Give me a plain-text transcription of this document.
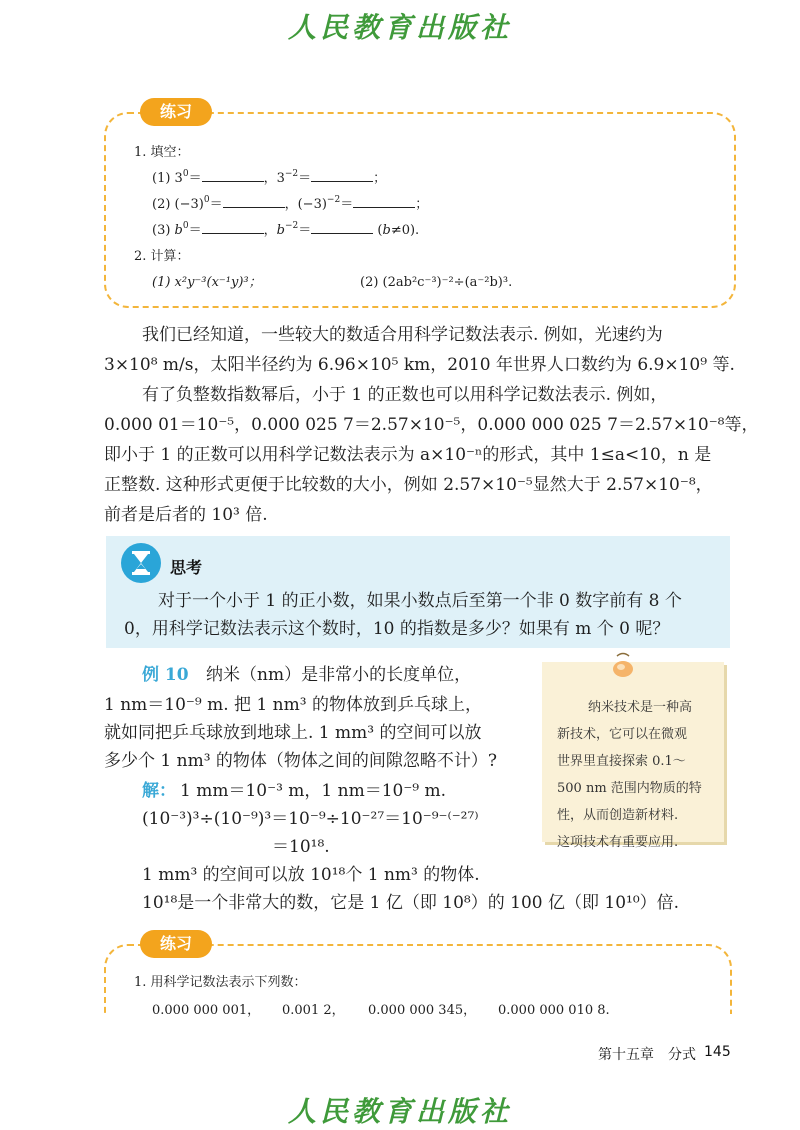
人民教育出版社
练习
1. 填空：
(1) $3^0=$	，$3^{-2}=$	；
(2) $(-3)^0=$	，$(-3)^{-2}=$	；
(3) $b^0=$	，$b^{-2}=$	(b≠0).
2. 计算：
(1) x²y⁻³(x⁻¹y)³；	(2) (2ab²c⁻³)⁻²÷(a⁻²b)³.
我们已经知道，一些较大的数适合用科学记数法表示. 例如，光速约为
3×10⁸ m/s，太阳半径约为 6.96×10⁵ km，2010 年世界人口数约为 6.9×10⁹ 等.
有了负整数指数幂后，小于 1 的正数也可以用科学记数法表示. 例如，
0.000 01＝10⁻⁵，0.000 025 7＝2.57×10⁻⁵，0.000 000 025 7＝2.57×10⁻⁸等，
即小于 1 的正数可以用科学记数法表示为 a×10⁻ⁿ的形式，其中 1≤a<10，n 是
正整数. 这种形式更便于比较数的大小，例如 2.57×10⁻⁵显然大于 2.57×10⁻⁸，
前者是后者的 10³ 倍.
思考
对于一个小于 1 的正小数，如果小数点后至第一个非 0 数字前有 8 个
0，用科学记数法表示这个数时，10 的指数是多少？如果有 m 个 0 呢？
例 10 纳米（nm）是非常小的长度单位，
1 nm＝10⁻⁹ m. 把 1 nm³ 的物体放到乒乓球上，
就如同把乒乓球放到地球上. 1 mm³ 的空间可以放
多少个 1 nm³ 的物体（物体之间的间隙忽略不计）?
解： 1 mm＝10⁻³ m，1 nm＝10⁻⁹ m.
(10⁻³)³÷(10⁻⁹)³＝10⁻⁹÷10⁻²⁷＝10⁻⁹⁻⁽⁻²⁷⁾
＝10¹⁸.
1 mm³ 的空间可以放 10¹⁸个 1 nm³ 的物体.
10¹⁸是一个非常大的数，它是 1 亿（即 10⁸）的 100 亿（即 10¹⁰）倍.
纳米技术是一种高
新技术，它可以在微观
世界里直接探索 0.1～
500 nm 范围内物质的特
性，从而创造新材料.
这项技术有重要应用.
练习
1. 用科学记数法表示下列数：
0.000 000 001， 0.001 2， 0.000 000 345， 0.000 000 010 8.
第十五章　分式 145
人民教育出版社
